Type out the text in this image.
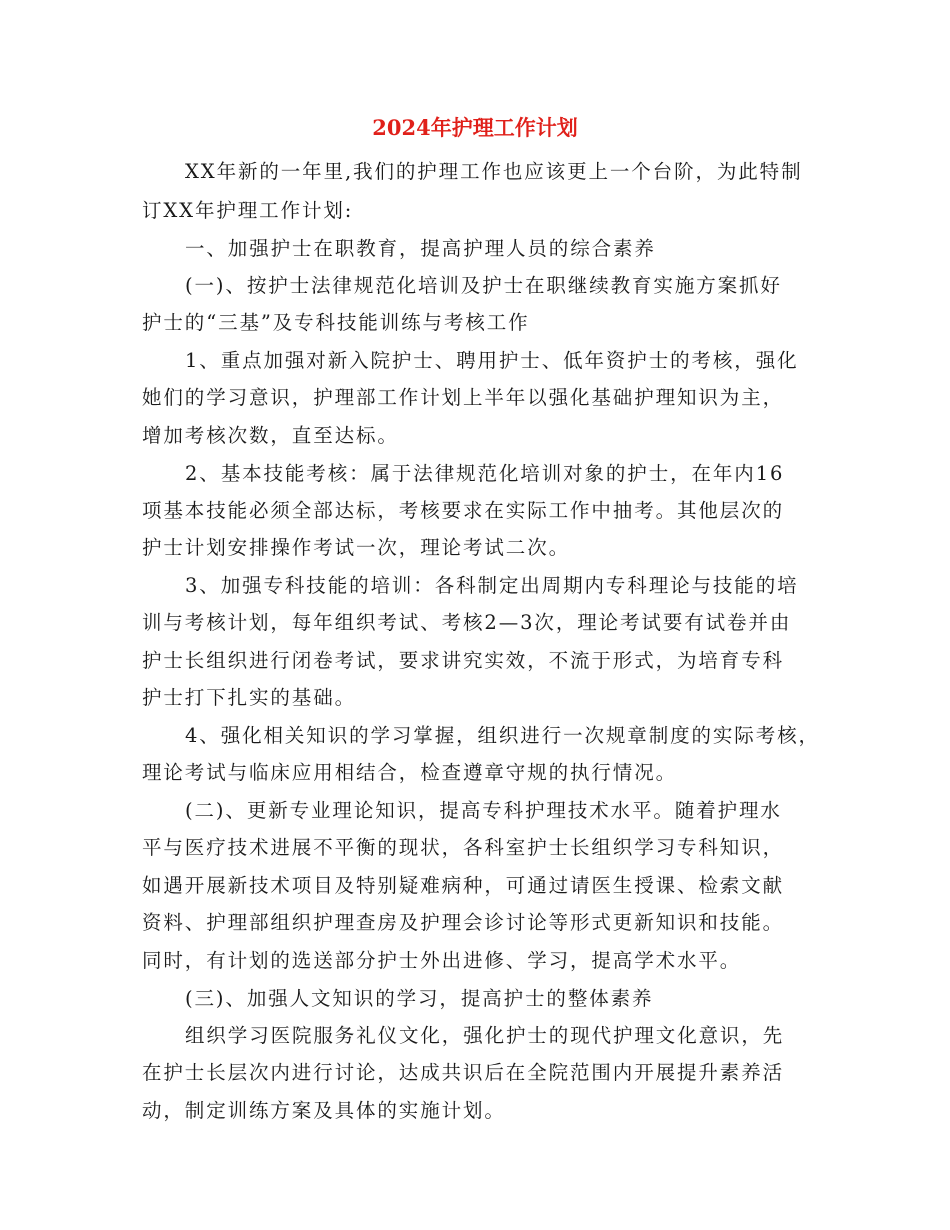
2024年护理工作计划
XX年新的一年里,我们的护理工作也应该更上一个台阶，为此特制
订XX年护理工作计划:
一、加强护士在职教育，提高护理人员的综合素养
(一)、按护士法律规范化培训及护士在职继续教育实施方案抓好
护士的“三基”及专科技能训练与考核工作
1、重点加强对新入院护士、聘用护士、低年资护士的考核，强化
她们的学习意识，护理部工作计划上半年以强化基础护理知识为主，
增加考核次数，直至达标。
2、基本技能考核：属于法律规范化培训对象的护士，在年内16
项基本技能必须全部达标，考核要求在实际工作中抽考。其他层次的
护士计划安排操作考试一次，理论考试二次。
3、加强专科技能的培训：各科制定出周期内专科理论与技能的培
训与考核计划，每年组织考试、考核2—3次，理论考试要有试卷并由
护士长组织进行闭卷考试，要求讲究实效，不流于形式，为培育专科
护士打下扎实的基础。
4、强化相关知识的学习掌握，组织进行一次规章制度的实际考核，
理论考试与临床应用相结合，检查遵章守规的执行情况。
(二)、更新专业理论知识，提高专科护理技术水平。随着护理水
平与医疗技术进展不平衡的现状，各科室护士长组织学习专科知识，
如遇开展新技术项目及特别疑难病种，可通过请医生授课、检索文献
资料、护理部组织护理查房及护理会诊讨论等形式更新知识和技能。
同时，有计划的选送部分护士外出进修、学习，提高学术水平。
(三)、加强人文知识的学习，提高护士的整体素养
组织学习医院服务礼仪文化，强化护士的现代护理文化意识，先
在护士长层次内进行讨论，达成共识后在全院范围内开展提升素养活
动，制定训练方案及具体的实施计划。
